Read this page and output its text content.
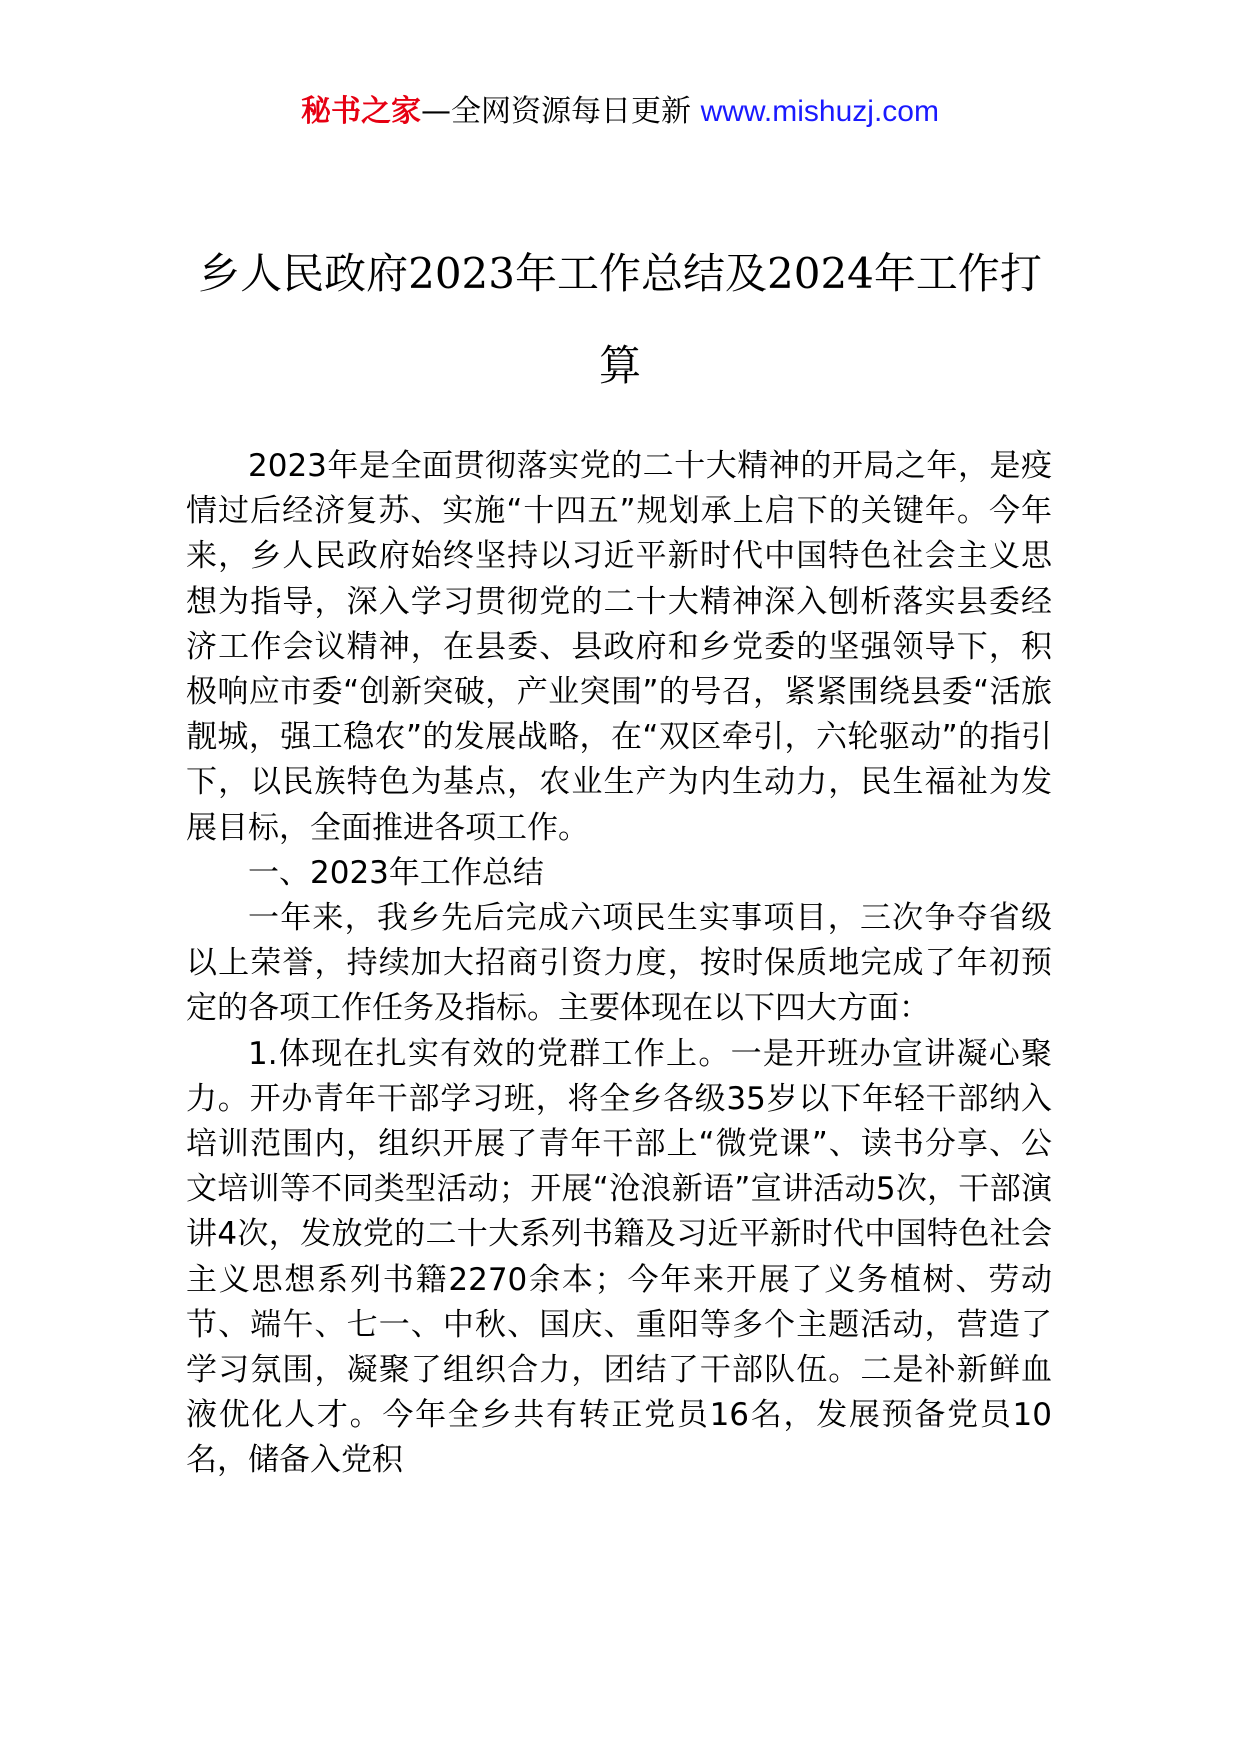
秘书之家—全网资源每日更新 www.mishuzj.com
乡人民政府2023年工作总结及2024年工作打算

2023年是全面贯彻落实党的二十大精神的开局之年，是疫情过后经济复苏、实施“十四五”规划承上启下的关键年。今年来，乡人民政府始终坚持以习近平新时代中国特色社会主义思想为指导，深入学习贯彻党的二十大精神深入刨析落实县委经济工作会议精神，在县委、县政府和乡党委的坚强领导下，积极响应市委“创新突破，产业突围”的号召，紧紧围绕县委“活旅靓城，强工稳农”的发展战略，在“双区牵引，六轮驱动”的指引下，以民族特色为基点，农业生产为内生动力，民生福祉为发展目标，全面推进各项工作。

一、2023年工作总结

一年来，我乡先后完成六项民生实事项目，三次争夺省级以上荣誉，持续加大招商引资力度，按时保质地完成了年初预定的各项工作任务及指标。主要体现在以下四大方面：

1.体现在扎实有效的党群工作上。一是开班办宣讲凝心聚力。开办青年干部学习班，将全乡各级35岁以下年轻干部纳入培训范围内，组织开展了青年干部上“微党课”、读书分享、公文培训等不同类型活动；开展“沧浪新语”宣讲活动5次，干部演讲4次，发放党的二十大系列书籍及习近平新时代中国特色社会主义思想系列书籍2270余本；今年来开展了义务植树、劳动节、端午、七一、中秋、国庆、重阳等多个主题活动，营造了学习氛围，凝聚了组织合力，团结了干部队伍。二是补新鲜血液优化人才。今年全乡共有转正党员16名，发展预备党员10名，储备入党积
